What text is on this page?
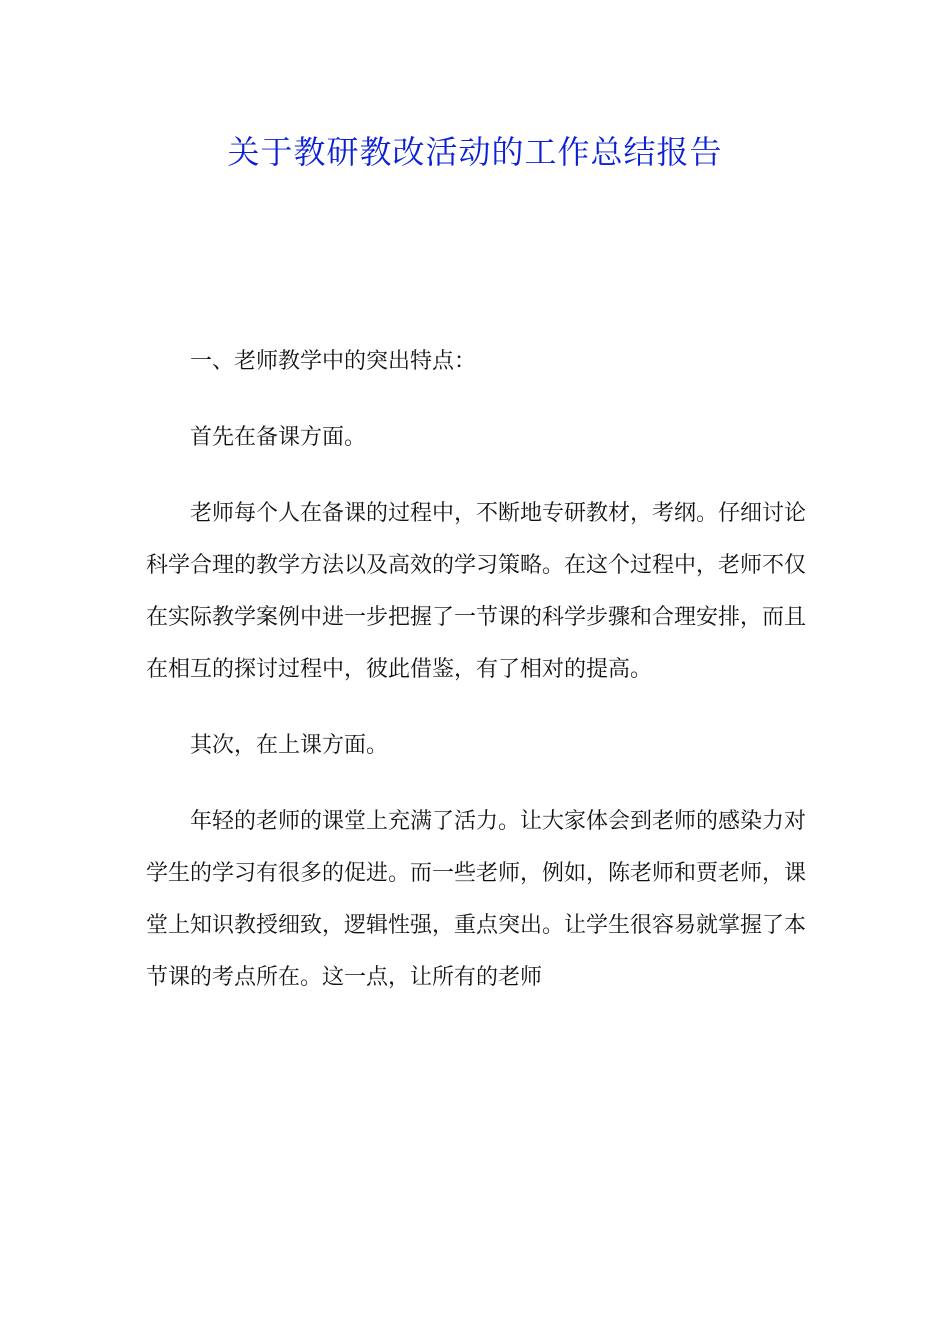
关于教研教改活动的工作总结报告

一、老师教学中的突出特点：

首先在备课方面。

老师每个人在备课的过程中，不断地专研教材，考纲。仔细讨论科学合理的教学方法以及高效的学习策略。在这个过程中，老师不仅在实际教学案例中进一步把握了一节课的科学步骤和合理安排，而且在相互的探讨过程中，彼此借鉴，有了相对的提高。

其次，在上课方面。

年轻的老师的课堂上充满了活力。让大家体会到老师的感染力对学生的学习有很多的促进。而一些老师，例如，陈老师和贾老师，课堂上知识教授细致，逻辑性强，重点突出。让学生很容易就掌握了本节课的考点所在。这一点，让所有的老师
